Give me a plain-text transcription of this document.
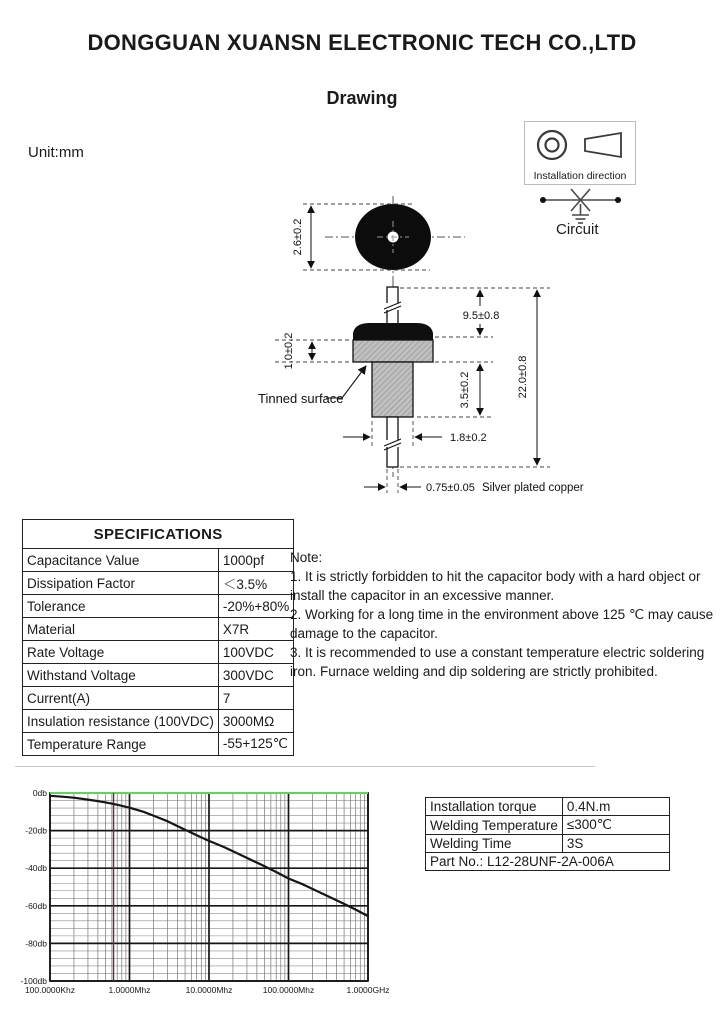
DONGGUAN XUANSN ELECTRONIC TECH CO.,LTD
Drawing
Unit:mm
Installation direction
Circuit
2.6±0.2
1.0±0.2
Tinned surface
9.5±0.8
3.5±0.2	22.0±0.8
1.8±0.2
0.75±0.05 Silver plated copper
SPECIFICATIONS	
Capacitance Value	1000pf
Dissipation Factor	＜3.5%
Tolerance	-20%+80%
Material	X7R
Rate Voltage	100VDC
Withstand Voltage	300VDC
Current(A)	7
Insulation resistance (100VDC)	3000MΩ
Temperature Range	-55+125℃

Note:

1. It is strictly forbidden to hit the capacitor body with a hard object or install the capacitor in an excessive manner.

2. Working for a long time in the environment above 125 ℃ may cause damage to the capacitor.

3. It is recommended to use a constant temperature electric soldering iron. Furnace welding and dip soldering are strictly prohibited.

0db
-20db
-40db
-60db
-80db
-100db
100.0000Khz	1.0000Mhz	10.0000Mhz	100.0000Mhz	1.0000GHz
Installation torque	0.4N.m
Welding Temperature	≤300℃
Welding Time	3S
Part No.: L12-28UNF-2A-006A	
